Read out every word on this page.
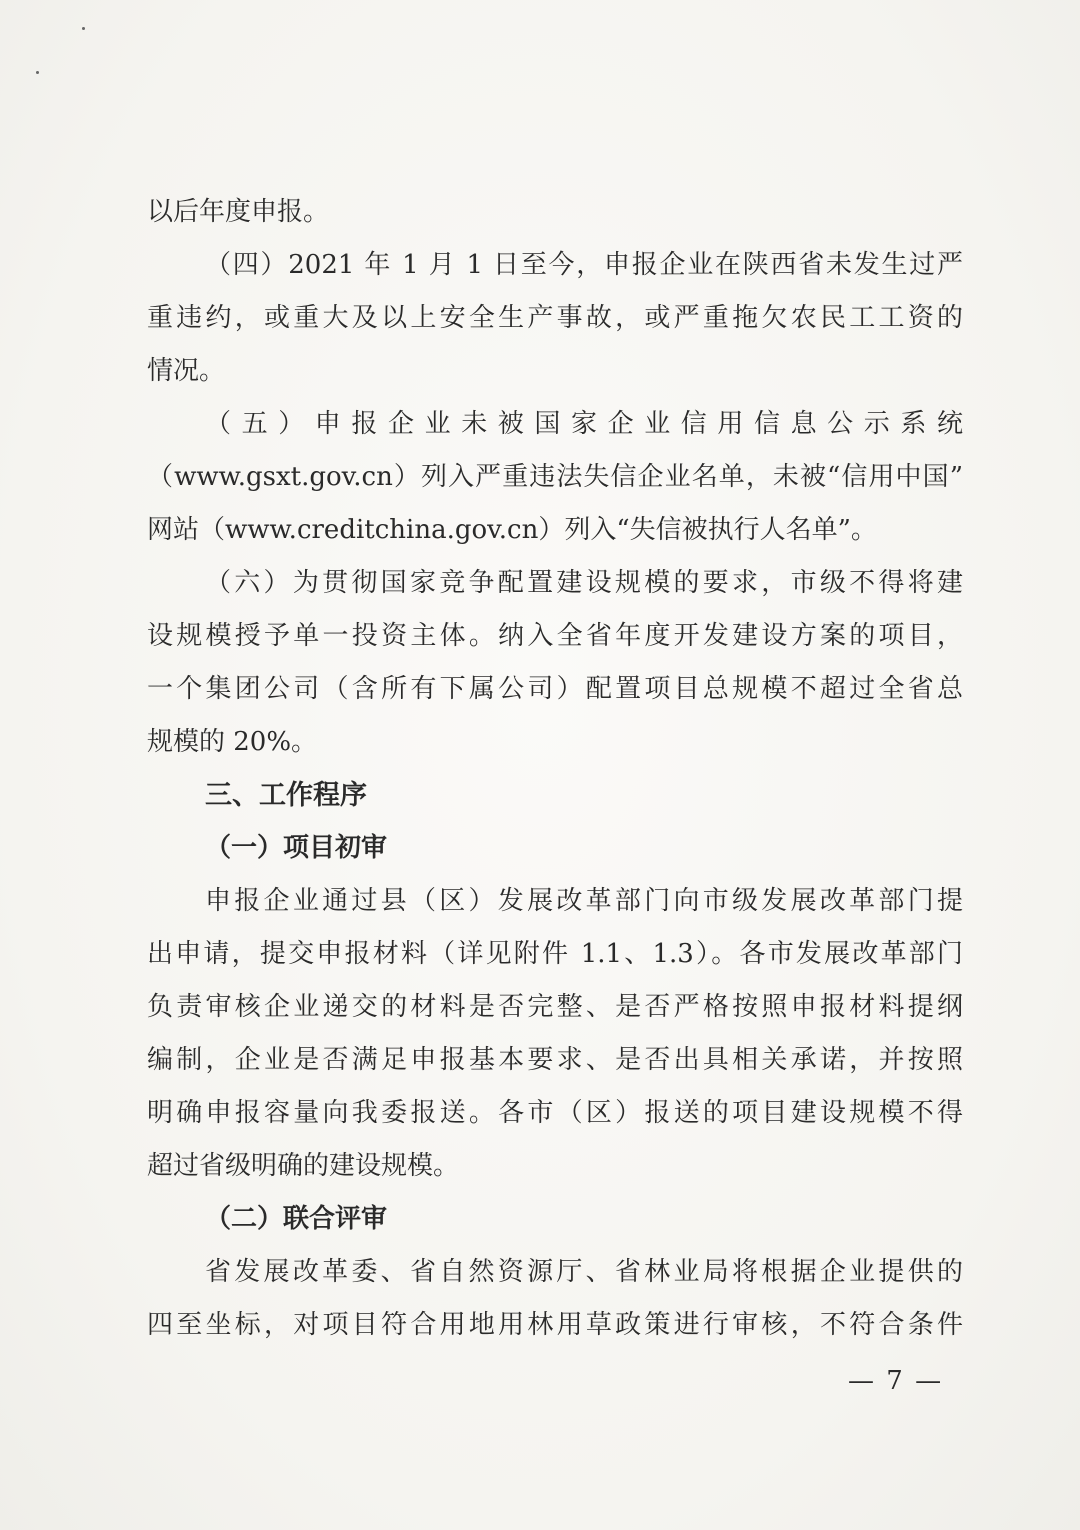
以后年度申报。
（四）2021 年 1 月 1 日至今，申报企业在陕西省未发生过严
重违约，或重大及以上安全生产事故，或严重拖欠农民工工资的
情况。
（五）申报企业未被国家企业信用信息公示系统
（www.gsxt.gov.cn）列入严重违法失信企业名单，未被“信用中国”
网站（www.creditchina.gov.cn）列入“失信被执行人名单”。
（六）为贯彻国家竞争配置建设规模的要求，市级不得将建
设规模授予单一投资主体。纳入全省年度开发建设方案的项目，
一个集团公司（含所有下属公司）配置项目总规模不超过全省总
规模的 20%。
三、工作程序
（一）项目初审
申报企业通过县（区）发展改革部门向市级发展改革部门提
出申请，提交申报材料（详见附件 1.1、1.3）。各市发展改革部门
负责审核企业递交的材料是否完整、是否严格按照申报材料提纲
编制，企业是否满足申报基本要求、是否出具相关承诺，并按照
明确申报容量向我委报送。各市（区）报送的项目建设规模不得
超过省级明确的建设规模。
（二）联合评审
省发展改革委、省自然资源厅、省林业局将根据企业提供的
四至坐标，对项目符合用地用林用草政策进行审核，不符合条件
— 7 —
